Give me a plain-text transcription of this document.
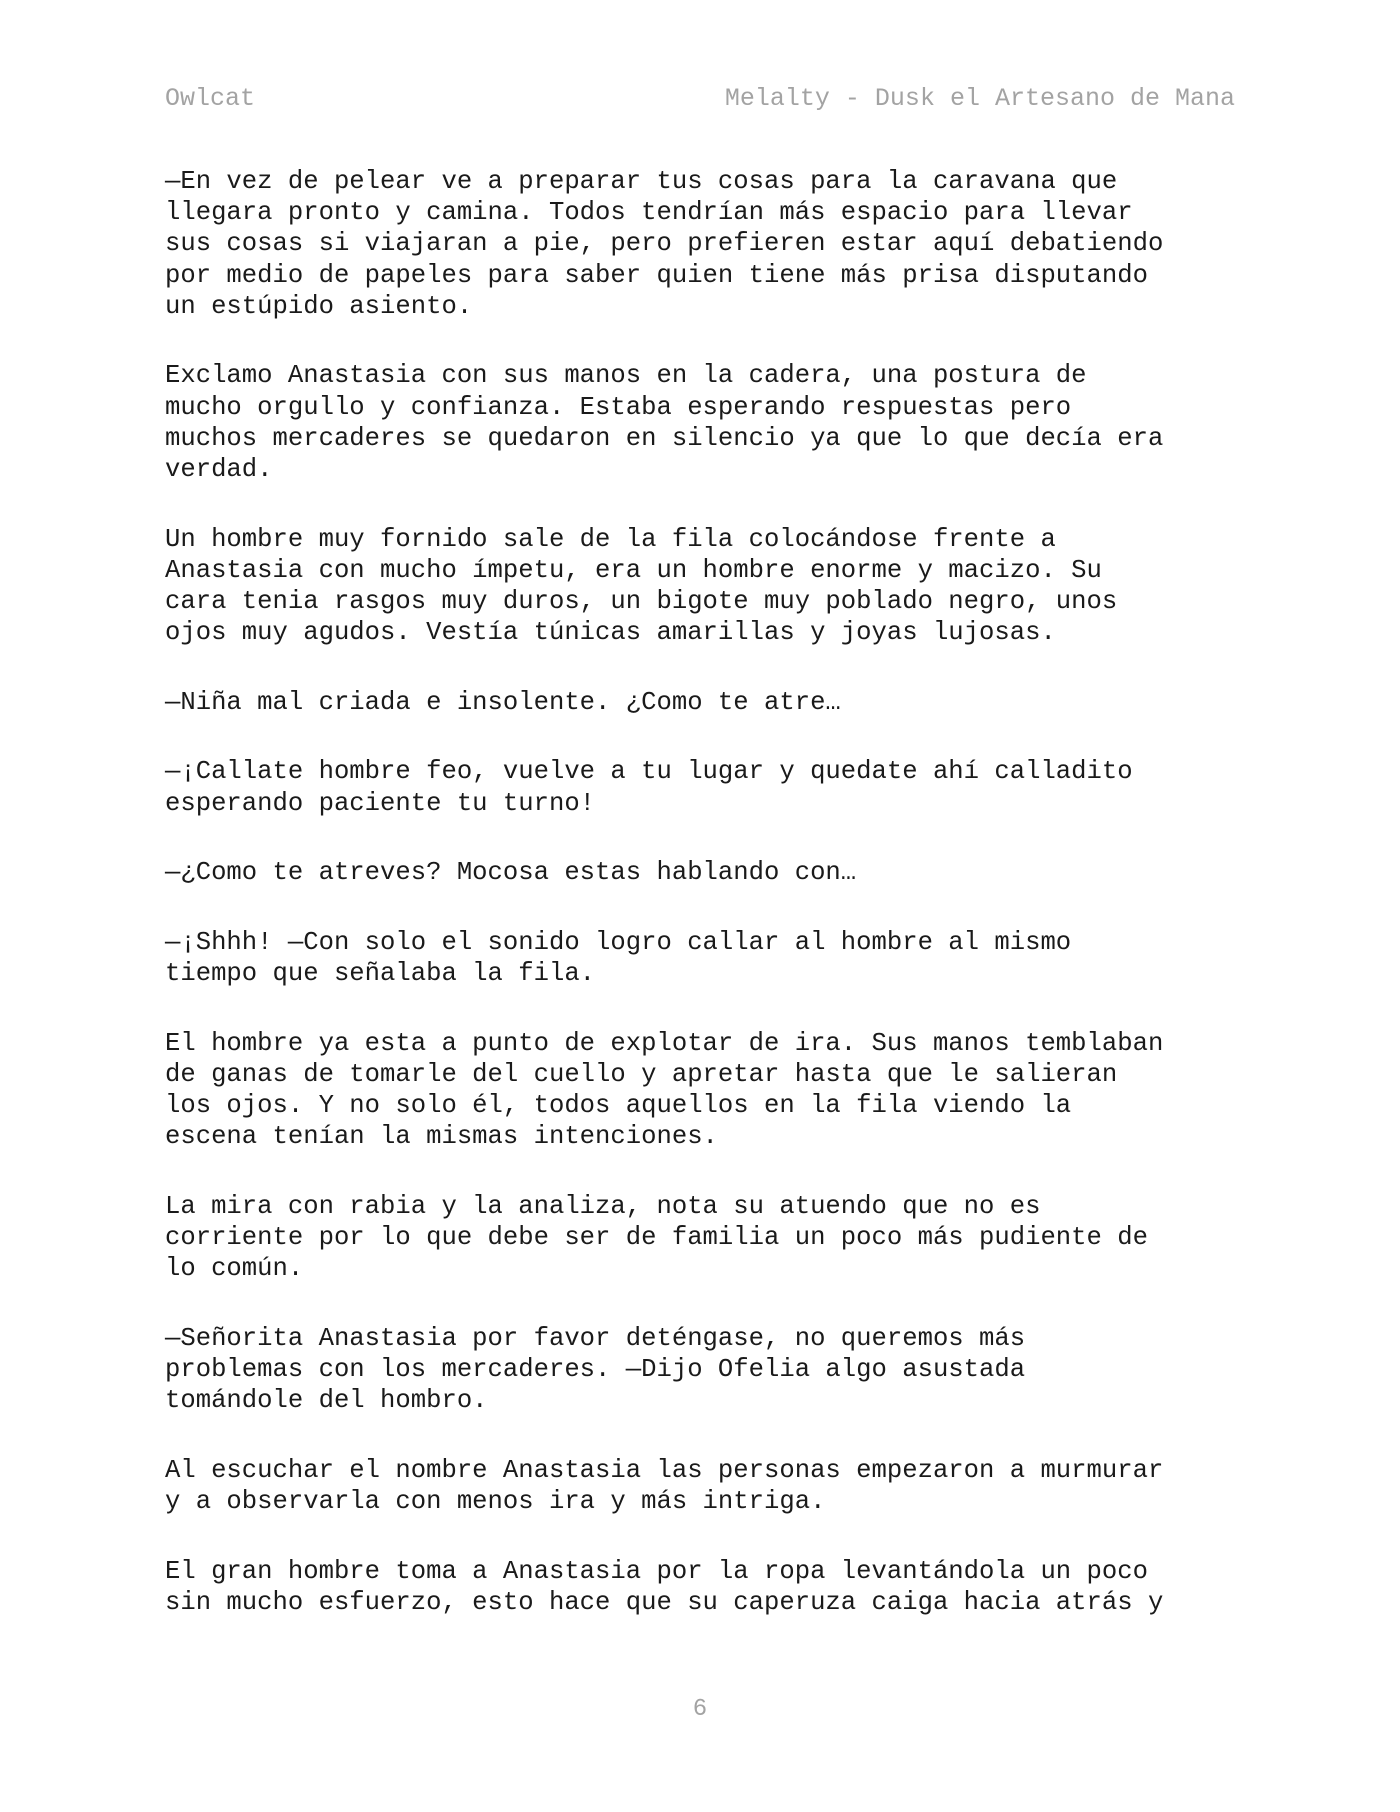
Owlcat	Melalty - Dusk el Artesano de Mana

—En vez de pelear ve a preparar tus cosas para la caravana que
llegara pronto y camina. Todos tendrían más espacio para llevar
sus cosas si viajaran a pie, pero prefieren estar aquí debatiendo
por medio de papeles para saber quien tiene más prisa disputando
un estúpido asiento.

Exclamo Anastasia con sus manos en la cadera, una postura de
mucho orgullo y confianza. Estaba esperando respuestas pero
muchos mercaderes se quedaron en silencio ya que lo que decía era
verdad.

Un hombre muy fornido sale de la fila colocándose frente a
Anastasia con mucho ímpetu, era un hombre enorme y macizo. Su
cara tenia rasgos muy duros, un bigote muy poblado negro, unos
ojos muy agudos. Vestía túnicas amarillas y joyas lujosas.

—Niña mal criada e insolente. ¿Como te atre…

—¡Callate hombre feo, vuelve a tu lugar y quedate ahí calladito
esperando paciente tu turno!

—¿Como te atreves? Mocosa estas hablando con…

—¡Shhh! —Con solo el sonido logro callar al hombre al mismo
tiempo que señalaba la fila.

El hombre ya esta a punto de explotar de ira. Sus manos temblaban
de ganas de tomarle del cuello y apretar hasta que le salieran
los ojos. Y no solo él, todos aquellos en la fila viendo la
escena tenían la mismas intenciones.

La mira con rabia y la analiza, nota su atuendo que no es
corriente por lo que debe ser de familia un poco más pudiente de
lo común.

—Señorita Anastasia por favor deténgase, no queremos más
problemas con los mercaderes. —Dijo Ofelia algo asustada
tomándole del hombro.

Al escuchar el nombre Anastasia las personas empezaron a murmurar
y a observarla con menos ira y más intriga.

El gran hombre toma a Anastasia por la ropa levantándola un poco
sin mucho esfuerzo, esto hace que su caperuza caiga hacia atrás y

6
